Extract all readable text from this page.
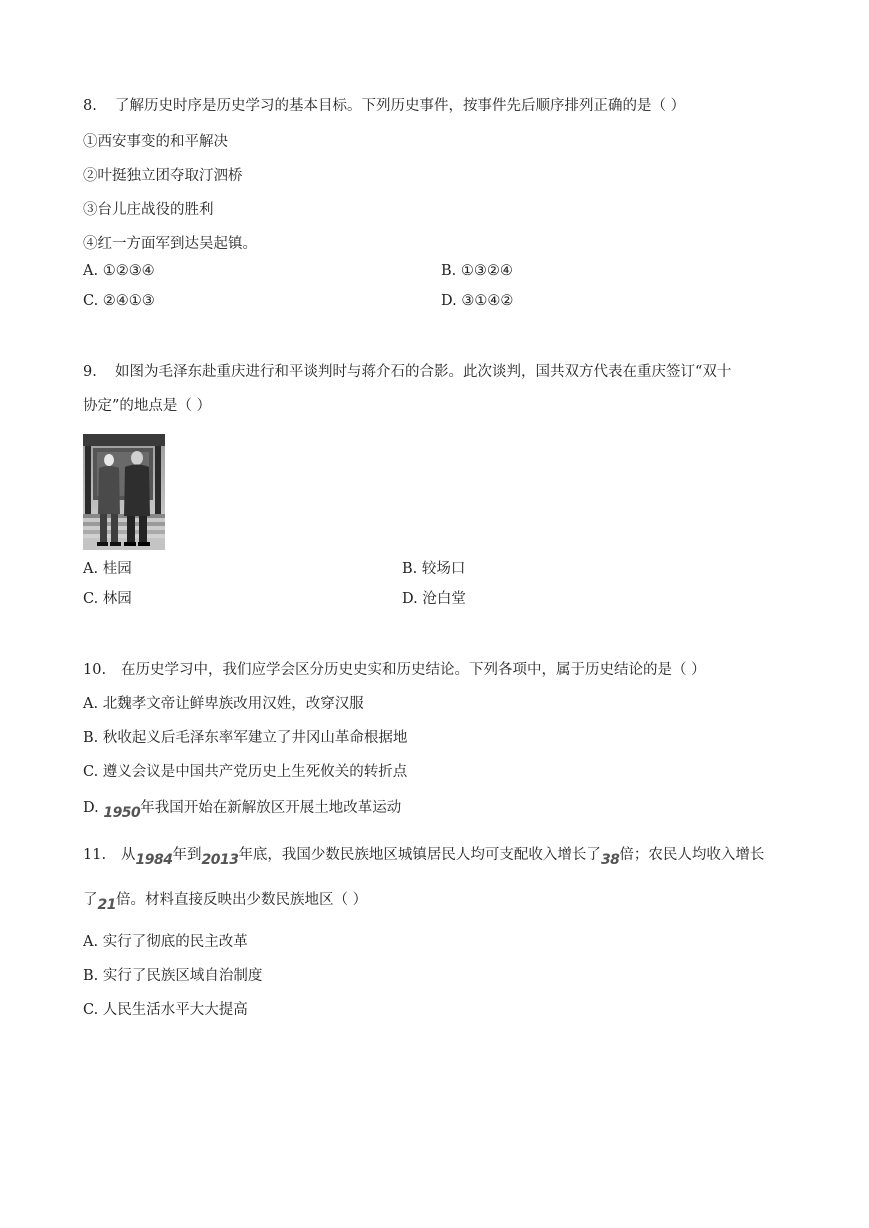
8. 了解历史时序是历史学习的基本目标。下列历史事件，按事件先后顺序排列正确的是（ ）
①西安事变的和平解决
②叶挺独立团夺取汀泗桥
③台儿庄战役的胜利
④红一方面军到达吴起镇。
A. ①②③④	B. ①③②④
C. ②④①③	D. ③①④②
9. 如图为毛泽东赴重庆进行和平谈判时与蒋介石的合影。此次谈判，国共双方代表在重庆签订“双十
协定”的地点是（ ）
A. 桂园	B. 较场口
C. 林园	D. 沧白堂
10. 在历史学习中，我们应学会区分历史史实和历史结论。下列各项中，属于历史结论的是（ ）
A. 北魏孝文帝让鲜卑族改用汉姓，改穿汉服
B. 秋收起义后毛泽东率军建立了井冈山革命根据地
C. 遵义会议是中国共产党历史上生死攸关的转折点
D. 1950年我国开始在新解放区开展土地改革运动
11. 从1984年到2013年底，我国少数民族地区城镇居民人均可支配收入增长了38倍；农民人均收入增长
了21倍。材料直接反映出少数民族地区（ ）
A. 实行了彻底的民主改革
B. 实行了民族区域自治制度
C. 人民生活水平大大提高
